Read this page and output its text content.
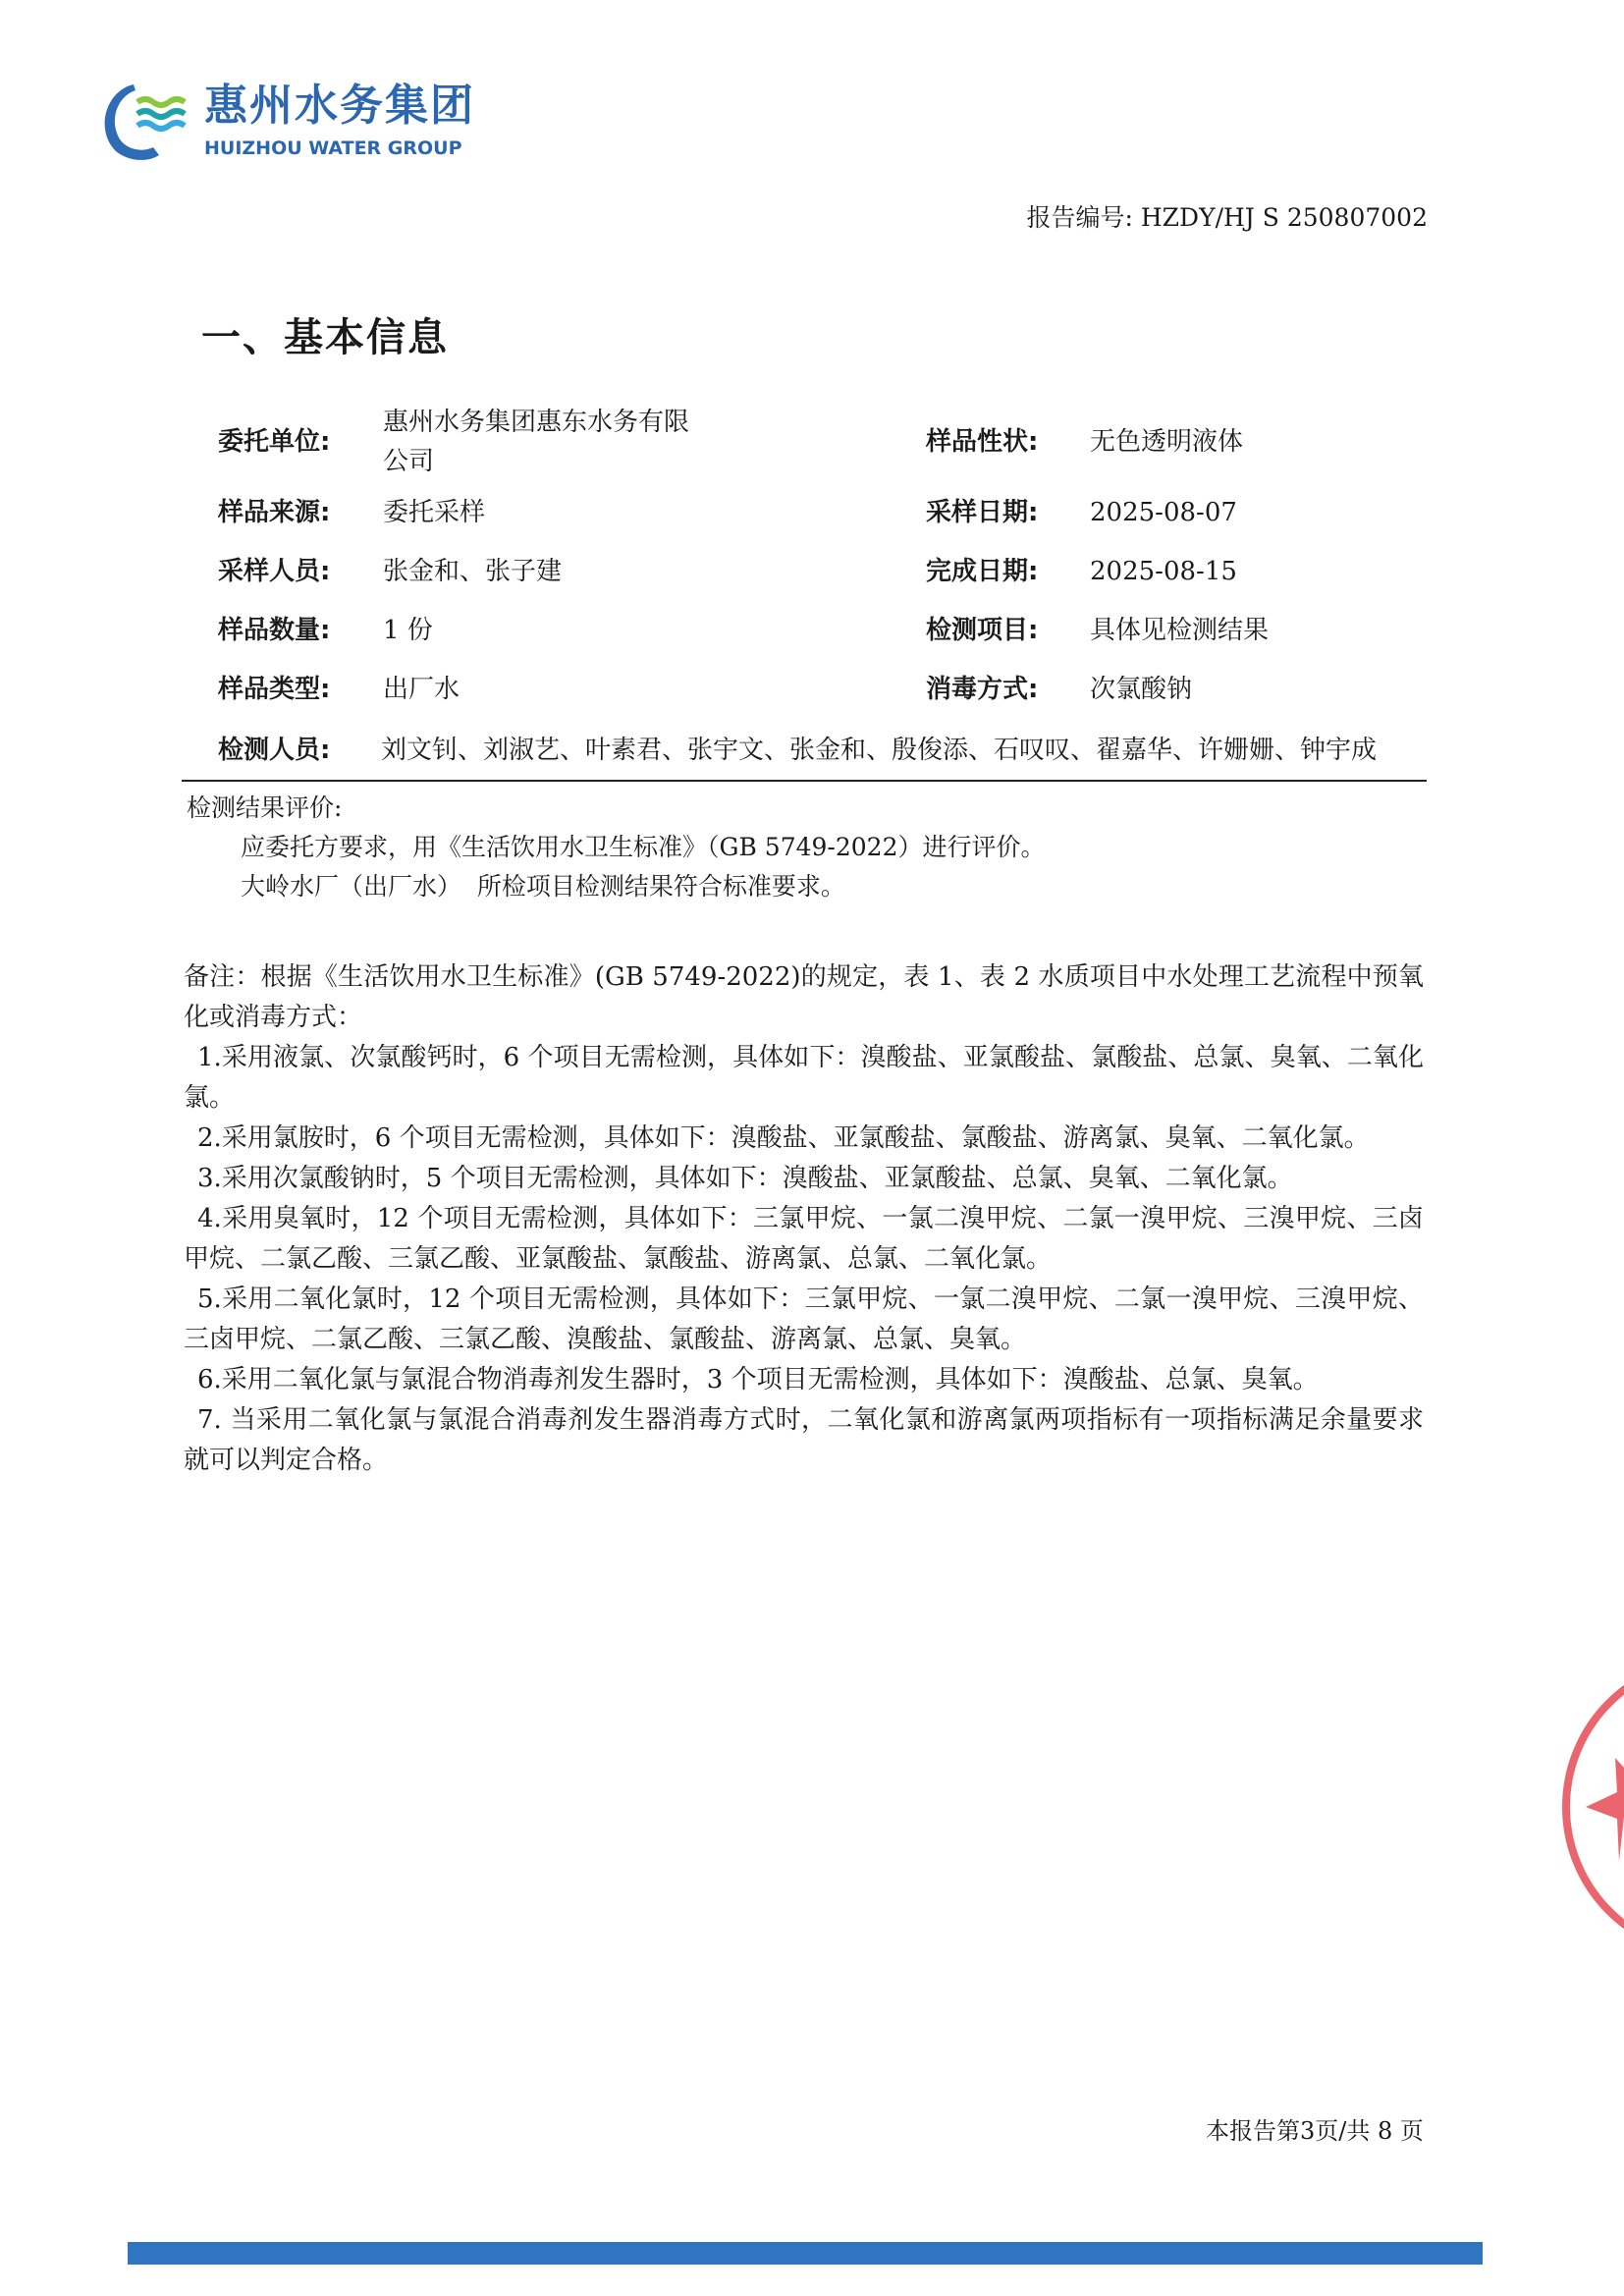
惠州水务集团
HUIZHOU WATER GROUP
报告编号: HZDY/HJ S 250807002
一、基本信息
委托单位:
惠州水务集团惠东水务有限
公司
样品来源: 委托采样
采样人员: 张金和、张子建
样品数量: 1 份
样品类型: 出厂水
样品性状: 无色透明液体
采样日期: 2025-08-07
完成日期: 2025-08-15
检测项目: 具体见检测结果
消毒方式: 次氯酸钠
检测人员: 刘文钊、刘淑艺、叶素君、张宇文、张金和、殷俊添、石叹叹、翟嘉华、许姗姗、钟宇成
检测结果评价:
应委托方要求，用《生活饮用水卫生标准》（GB 5749-2022）进行评价。
大岭水厂（出厂水）  所检项目检测结果符合标准要求。

备注：根据《生活饮用水卫生标准》(GB 5749-2022)的规定，表 1、表 2 水质项目中水处理工艺流程中预氧化或消毒方式：

1.采用液氯、次氯酸钙时，6 个项目无需检测，具体如下：溴酸盐、亚氯酸盐、氯酸盐、总氯、臭氧、二氧化氯。

2.采用氯胺时，6 个项目无需检测，具体如下：溴酸盐、亚氯酸盐、氯酸盐、游离氯、臭氧、二氧化氯。

3.采用次氯酸钠时，5 个项目无需检测，具体如下：溴酸盐、亚氯酸盐、总氯、臭氧、二氧化氯。

4.采用臭氧时，12 个项目无需检测，具体如下：三氯甲烷、一氯二溴甲烷、二氯一溴甲烷、三溴甲烷、三卤甲烷、二氯乙酸、三氯乙酸、亚氯酸盐、氯酸盐、游离氯、总氯、二氧化氯。

5.采用二氧化氯时，12 个项目无需检测，具体如下：三氯甲烷、一氯二溴甲烷、二氯一溴甲烷、三溴甲烷、三卤甲烷、二氯乙酸、三氯乙酸、溴酸盐、氯酸盐、游离氯、总氯、臭氧。

6.采用二氧化氯与氯混合物消毒剂发生器时，3 个项目无需检测，具体如下：溴酸盐、总氯、臭氧。

7. 当采用二氧化氯与氯混合消毒剂发生器消毒方式时，二氧化氯和游离氯两项指标有一项指标满足余量要求就可以判定合格。

本报告第3页/共 8 页
